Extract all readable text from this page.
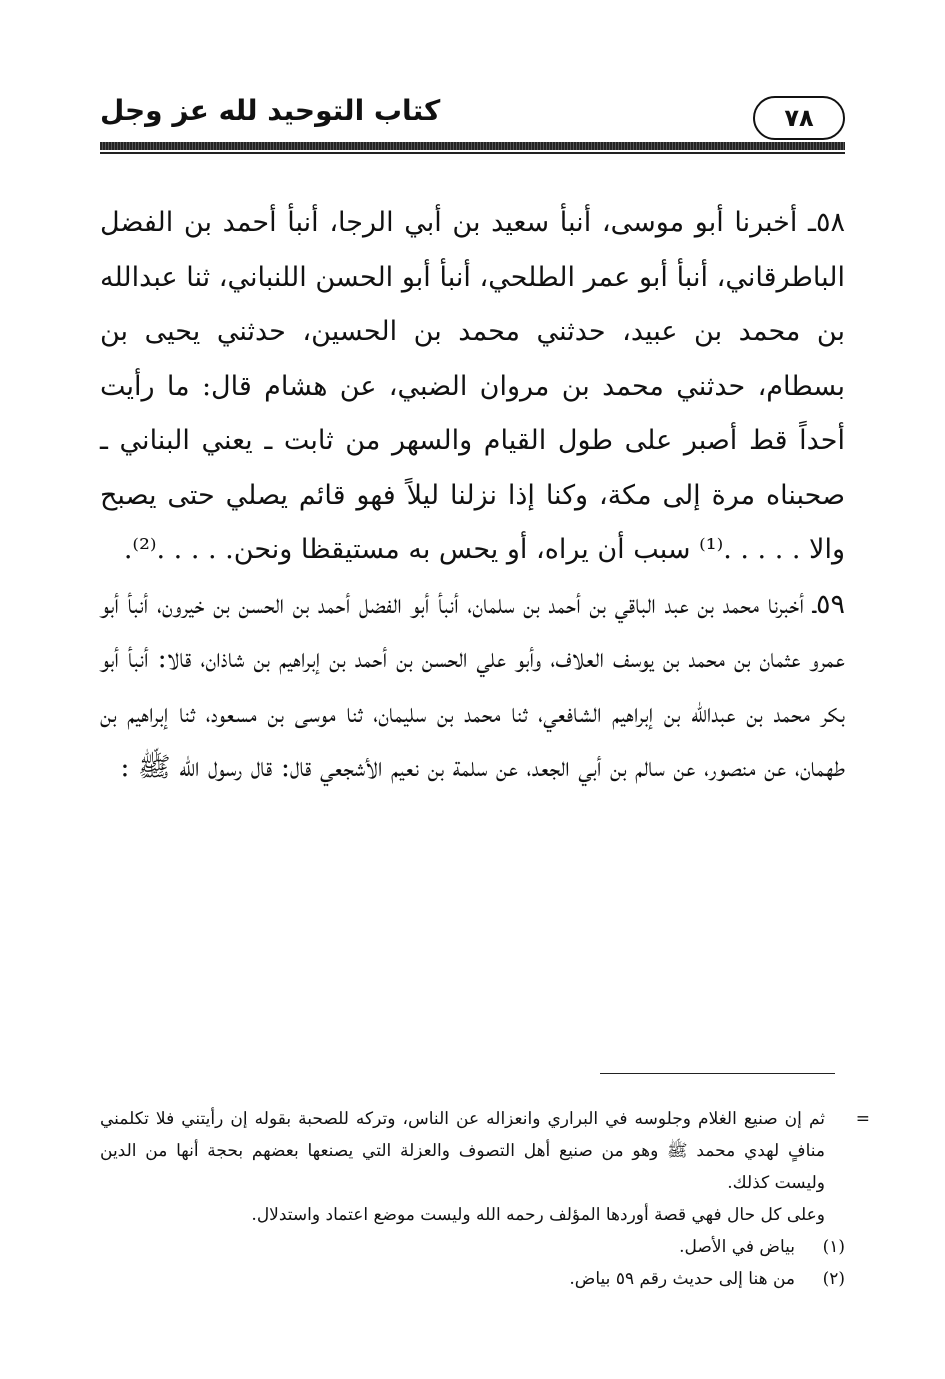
٧٨
كتاب التوحيد لله عز وجل

٥٨ـ أخبرنا أبو موسى، أنبأ سعيد بن أبي الرجا، أنبأ أحمد بن الفضل الباطرقاني، أنبأ أبو عمر الطلحي، أنبأ أبو الحسن اللنباني، ثنا عبدالله بن محمد بن عبيد، حدثني محمد بن الحسين، حدثني يحيى بن بسطام، حدثني محمد بن مروان الضبي، عن هشام قال: ما رأيت أحداً قط أصبر على طول القيام والسهر من ثابت ـ يعني البناني ـ صحبناه مرة إلى مكة، وكنا إذا نزلنا ليلاً فهو قائم يصلي حتى يصبح والا . . . . .⁽¹⁾ سبب أن يراه، أو يحس به مستيقظا ونحن. . . . .⁽²⁾.

٥٩ـ أخبرنا محمد بن عبد الباقي بن أحمد بن سلمان، أنبأ أبو الفضل أحمد بن الحسن بن خيرون، أنبأ أبو عمرو عثمان بن محمد بن يوسف العلاف، وأبو علي الحسن بن أحمد بن إبراهيم بن شاذان، قالا: أنبأ أبو بكر محمد بن عبدالله بن إبراهيم الشافعي، ثنا محمد بن سليمان، ثنا موسى بن مسعود، ثنا إبراهيم بن طهمان، عن منصور، عن سالم بن أبي الجعد، عن سلمة بن نعيم الأشجعي قال: قال رسول الله ﷺ :

=

ثم إن صنيع الغلام وجلوسه في البراري وانعزاله عن الناس، وتركه للصحبة بقوله إن رأيتني فلا تكلمني منافٍ لهدي محمد ﷺ وهو من صنيع أهل التصوف والعزلة التي يصنعها بعضهم بحجة أنها من الدين وليست كذلك.

وعلى كل حال فهي قصة أوردها المؤلف رحمه الله وليست موضع اعتماد واستدلال.

(١)
بياض في الأصل.
(٢)
من هنا إلى حديث رقم ٥٩ بياض.
